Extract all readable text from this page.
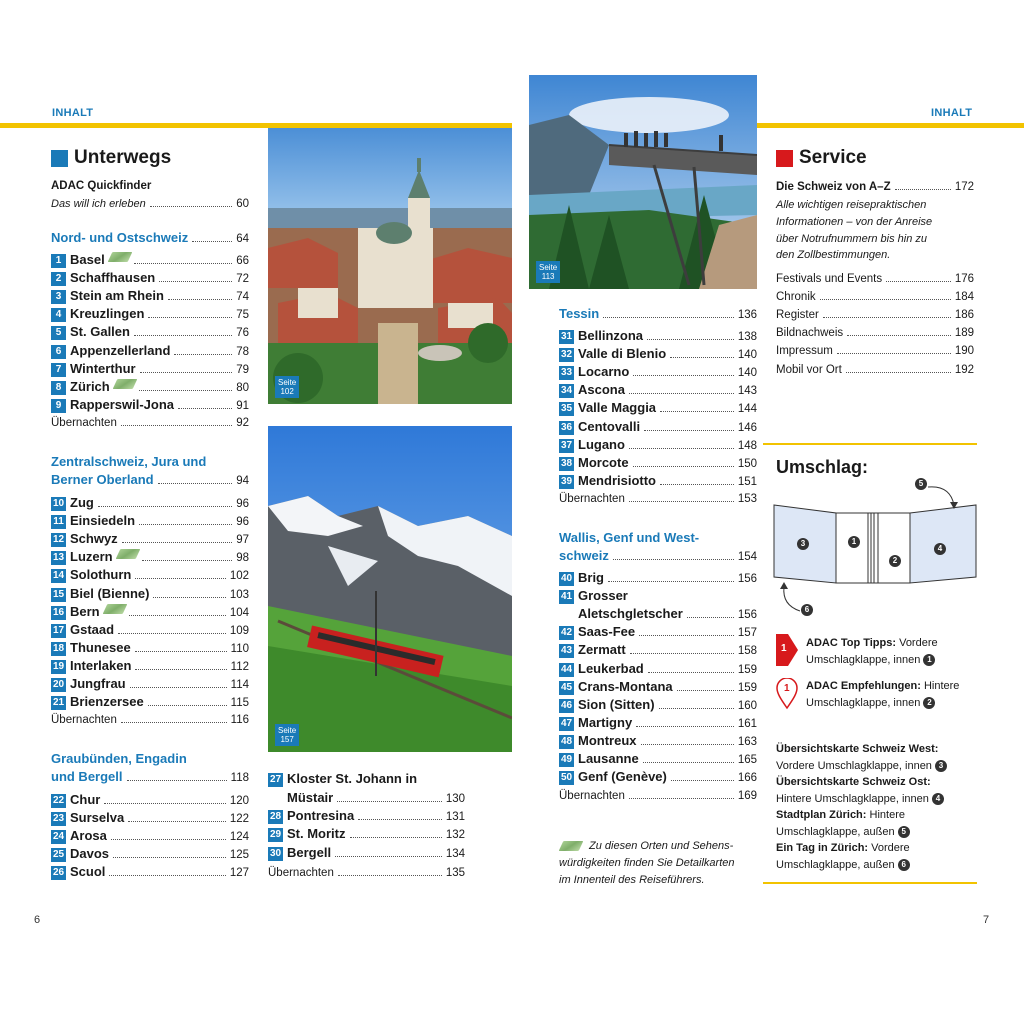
INHALT	INHALT
Unterwegs
ADAC Quickfinder
Das will ich erleben	60
Nord- und Ostschweiz	64
1 Basel	66
2 Schaffhausen	72
3 Stein am Rhein	74
4 Kreuzlingen	75
5 St. Gallen	76
6 Appenzellerland	78
7 Winterthur	79
8 Zürich	80
9 Rapperswil-Jona	91
Übernachten	92
Zentralschweiz, Jura und
Berner Oberland	94
10 Zug	96
11 Einsiedeln	96
12 Schwyz	97
13 Luzern	98
14 Solothurn	102
15 Biel (Bienne)	103
16 Bern	104
17 Gstaad	109
18 Thunesee	110
19 Interlaken	112
20 Jungfrau	114
21 Brienzersee	115
Übernachten	116
Graubünden, Engadin
und Bergell	118
22 Chur	120
23 Surselva	122
24 Arosa	124
25 Davos	125
26 Scuol	127
Seite
102
Seite
157
27 Kloster St. Johann in
Müstair	130
28 Pontresina	131
29 St. Moritz	132
30 Bergell	134
Übernachten	135
Seite
113
Tessin	136
31 Bellinzona	138
32 Valle di Blenio	140
33 Locarno	140
34 Ascona	143
35 Valle Maggia	144
36 Centovalli	146
37 Lugano	148
38 Morcote	150
39 Mendrisiotto	151
Übernachten	153
Wallis, Genf und West-
schweiz	154
40 Brig	156
41 Grosser
Aletschgletscher	156
42 Saas-Fee	157
43 Zermatt	158
44 Leukerbad	159
45 Crans-Montana	159
46 Sion (Sitten)	160
47 Martigny	161
48 Montreux	163
49 Lausanne	165
50 Genf (Genève)	166
Übernachten	169
Zu diesen Orten und Sehens-
würdigkeiten finden Sie Detailkarten
im Innenteil des Reiseführers.
Service
Die Schweiz von A–Z	172
Alle wichtigen reisepraktischen
Informationen – von der Anreise
über Notrufnummern bis hin zu
den Zollbestimmungen.
Festivals und Events	176
Chronik	184
Register	186
Bildnachweis	189
Impressum	190
Mobil vor Ort	192
Umschlag:
3	1
2
4
5
6
1 ADAC Top Tipps: Vordere
Umschlagklappe, innen 1
1 ADAC Empfehlungen: Hintere
Umschlagklappe, innen 2
Übersichtskarte Schweiz West:
Vordere Umschlagklappe, innen 3
Übersichtskarte Schweiz Ost:
Hintere Umschlagklappe, innen 4
Stadtplan Zürich: Hintere
Umschlagklappe, außen 5
Ein Tag in Zürich: Vordere
Umschlagklappe, außen 6
6	7
